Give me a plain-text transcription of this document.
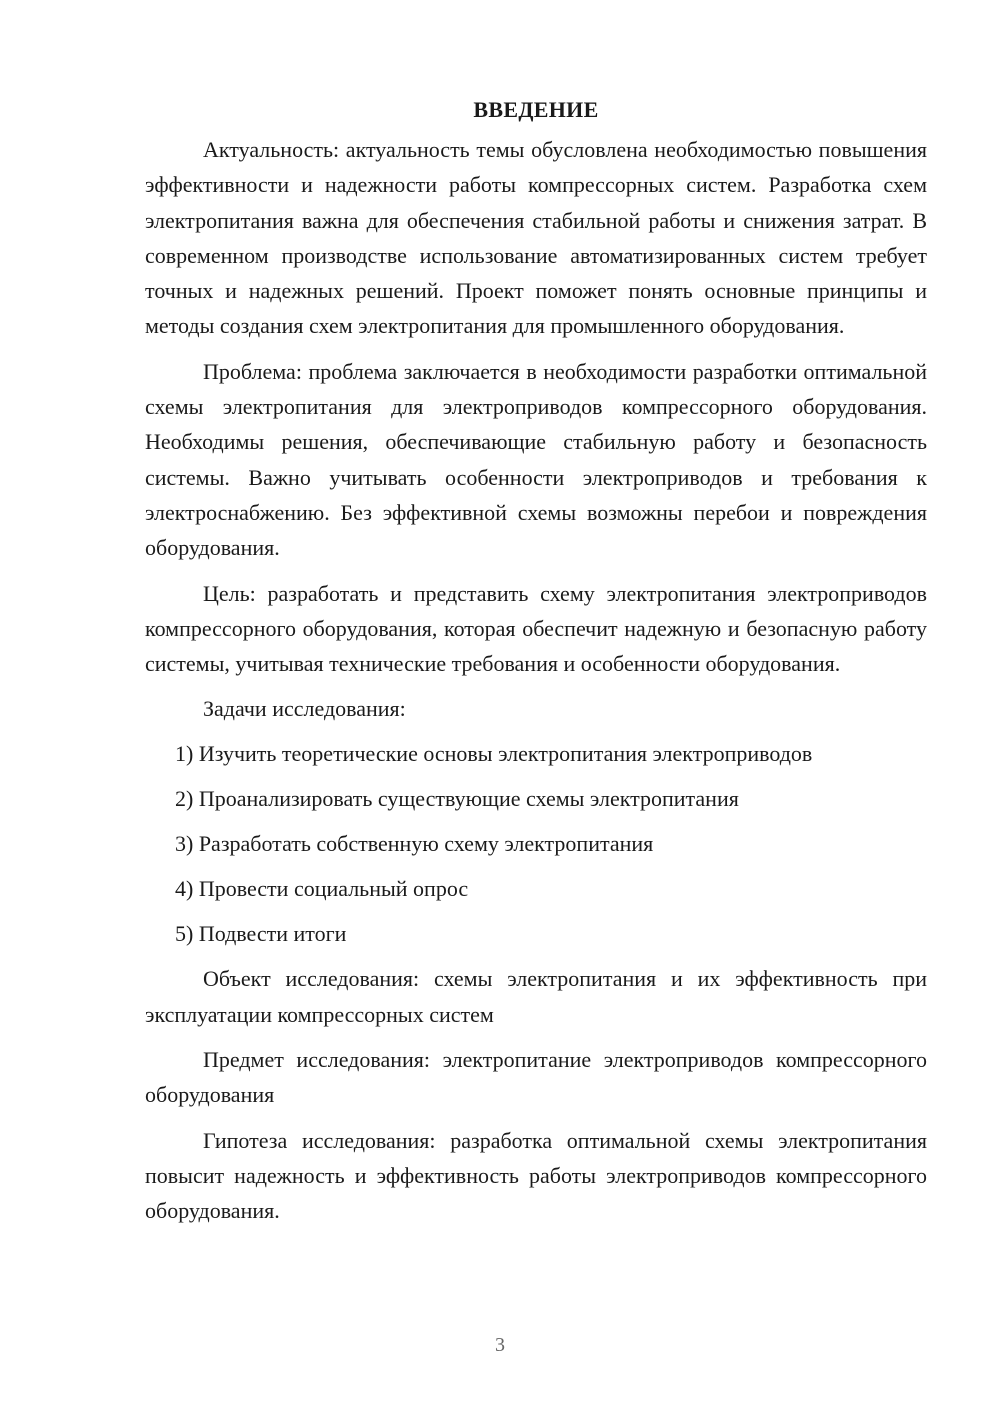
ВВЕДЕНИЕ

Актуальность: актуальность темы обусловлена необходимостью повышения эффективности и надежности работы компрессорных систем. Разработка схем электропитания важна для обеспечения стабильной работы и снижения затрат. В современном производстве использование автоматизированных систем требует точных и надежных решений. Проект поможет понять основные принципы и методы создания схем электропитания для промышленного оборудования.

Проблема: проблема заключается в необходимости разработки оптимальной схемы электропитания для электроприводов компрессорного оборудования. Необходимы решения, обеспечивающие стабильную работу и безопасность системы. Важно учитывать особенности электроприводов и требования к электроснабжению. Без эффективной схемы возможны перебои и повреждения оборудования.

Цель: разработать и представить схему электропитания электроприводов компрессорного оборудования, которая обеспечит надежную и безопасную работу системы, учитывая технические требования и особенности оборудования.

Задачи исследования:

1) Изучить теоретические основы электропитания электроприводов

2) Проанализировать существующие схемы электропитания

3) Разработать собственную схему электропитания

4) Провести социальный опрос

5) Подвести итоги

Объект исследования: схемы электропитания и их эффективность при эксплуатации компрессорных систем

Предмет исследования: электропитание электроприводов компрессорного оборудования

Гипотеза исследования: разработка оптимальной схемы электропитания повысит надежность и эффективность работы электроприводов компрессорного оборудования.

3
